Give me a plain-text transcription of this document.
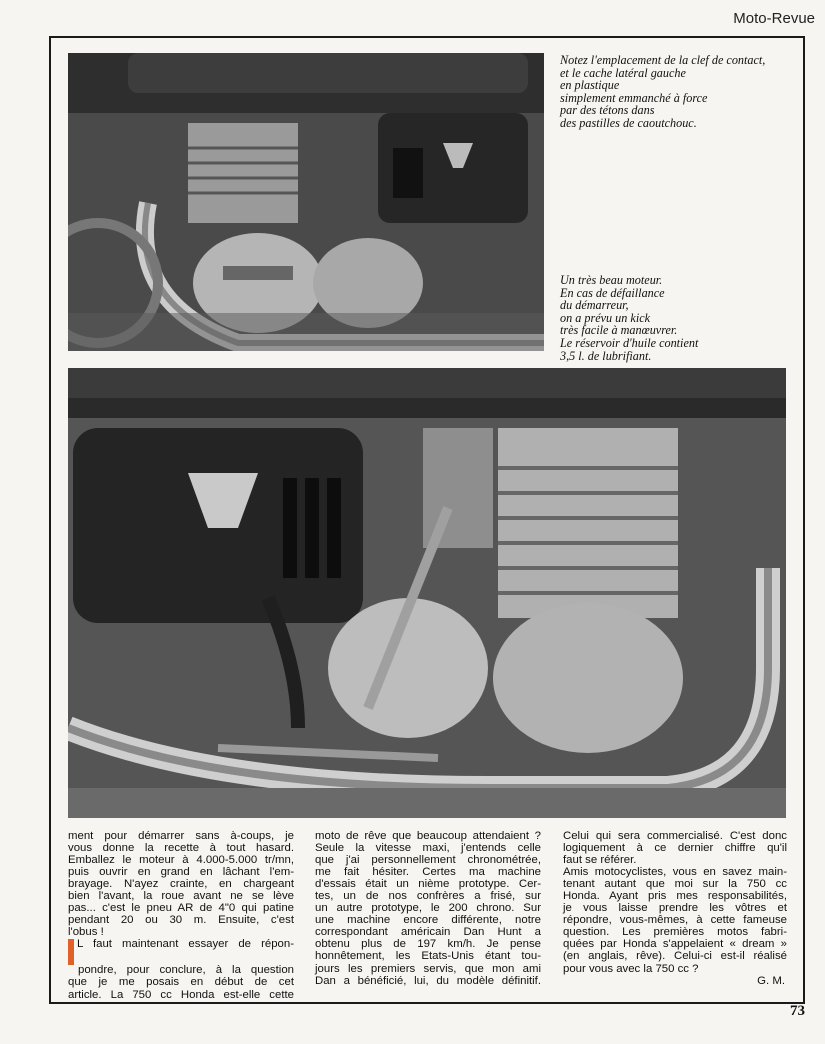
Moto-Revue
Notez l'emplacement de la clef de contact,
et le cache latéral gauche
en plastique
simplement emmanché à force
par des tétons dans
des pastilles de caoutchouc.
Un très beau moteur.
En cas de défaillance
du démarreur,
on a prévu un kick
très facile à manœuvrer.
Le réservoir d'huile contient
3,5 l. de lubrifiant.
ment pour démarrer sans à-coups, je
vous donne la recette à tout hasard.
Emballez le moteur à 4.000-5.000 tr/mn,
puis ouvrir en grand en lâchant l'em-
brayage. N'ayez crainte, en chargeant
bien l'avant, la roue avant ne se lève
pas... c'est le pneu AR de 4"0 qui patine
pendant 20 ou 30 m. Ensuite, c'est
l'obus !
L faut maintenant essayer de répon-
pondre, pour conclure, à la question
que je me posais en début de cet
article. La 750 cc Honda est-elle cette
moto de rêve que beaucoup attendaient ?
Seule la vitesse maxi, j'entends celle
que j'ai personnellement chronométrée,
me fait hésiter. Certes ma machine
d'essais était un nième prototype. Cer-
tes, un de nos confrères a frisé, sur
un autre prototype, le 200 chrono. Sur
une machine encore différente, notre
correspondant américain Dan Hunt a
obtenu plus de 197 km/h. Je pense
honnêtement, les Etats-Unis étant tou-
jours les premiers servis, que mon ami
Dan a bénéficié, lui, du modèle définitif.
Celui qui sera commercialisé. C'est donc
logiquement à ce dernier chiffre qu'il
faut se référer.
Amis motocyclistes, vous en savez main-
tenant autant que moi sur la 750 cc
Honda. Ayant pris mes responsabilités,
je vous laisse prendre les vôtres et
répondre, vous-mêmes, à cette fameuse
question. Les premières motos fabri-
quées par Honda s'appelaient « dream »
(en anglais, rêve). Celui-ci est-il réalisé
pour vous avec la 750 cc ?
G. M.
73
